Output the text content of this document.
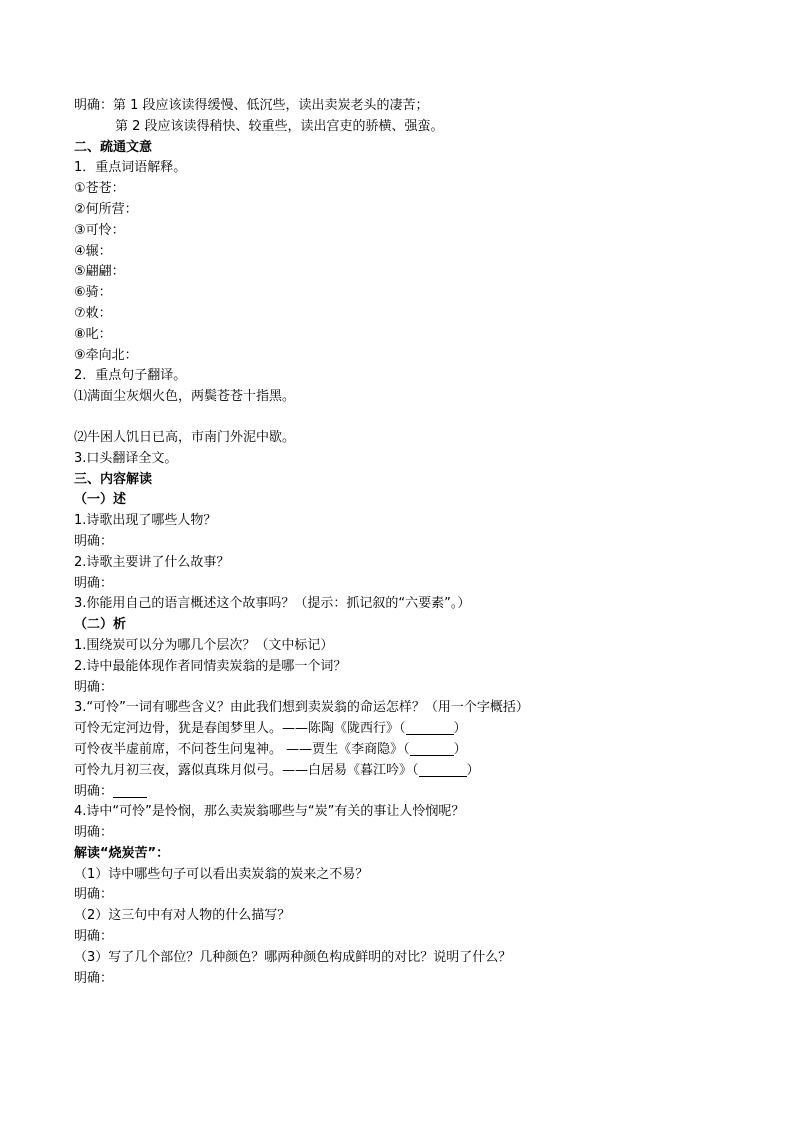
明确：第 1 段应该读得缓慢、低沉些，读出卖炭老头的凄苦；
第 2 段应该读得稍快、较重些，读出宫吏的骄横、强蛮。
二、疏通文意
1．重点词语解释。
①苍苍：
②何所营：
③可怜：
④辗：
⑤翩翩：
⑥骑：
⑦敕：
⑧叱：
⑨牵向北：
2．重点句子翻译。
⑴满面尘灰烟火色，两鬓苍苍十指黑。
⑵牛困人饥日已高，市南门外泥中歇。
3.口头翻译全文。
三、内容解读
（一）述
1.诗歌出现了哪些人物？
明确：
2.诗歌主要讲了什么故事？
明确：
3.你能用自己的语言概述这个故事吗？（提示：抓记叙的“六要素”。）
（二）析
1.围绕炭可以分为哪几个层次？（文中标记）
2.诗中最能体现作者同情卖炭翁的是哪一个词？
明确：
3.“可怜”一词有哪些含义？由此我们想到卖炭翁的命运怎样？（用一个字概括）
可怜无定河边骨，犹是春闺梦里人。——陈陶《陇西行》（	）
可怜夜半虚前席，不问苍生问鬼神。 ——贾生《李商隐》（	）
可怜九月初三夜，露似真珠月似弓。——白居易《暮江吟》（	）
明确：
4.诗中“可怜”是怜悯，那么卖炭翁哪些与“炭”有关的事让人怜悯呢？
明确：
解读“烧炭苦”：
（1）诗中哪些句子可以看出卖炭翁的炭来之不易？
明确：
（2）这三句中有对人物的什么描写？
明确：
（3）写了几个部位？几种颜色？哪两种颜色构成鲜明的对比？说明了什么？
明确：
